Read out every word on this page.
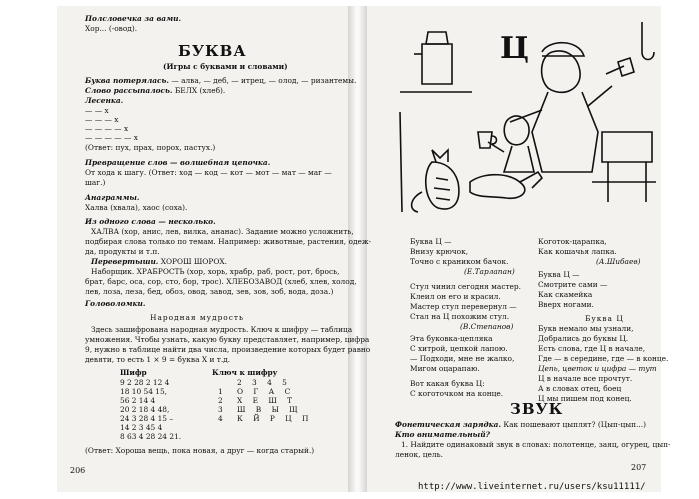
Полсловечка за вами.
Хор... (-овод).
БУКВА
(Игры с буквами и словами)
Буква потерялась. — алва, — деб, — итрец, — олод, — ризантемы.
Слово рассыпалось. БЕЛХ (хлеб).
Лесенка.
— — х
— — — х
— — — — х
— — — — — х
(Ответ: пух, прах, порох, пастух.)
Превращение слов — волшебная цепочка.
От хода к шагу. (Ответ: ход — код — кот — мот — мат — маг —
шаг.)
Анаграммы.
Халва (хвала), хаос (соха).
Из одного слова — несколько.
ХАЛВА (хор, анис, лев, вилка, ананас). Задание можно усложнить,
подбирая слова только по темам. Например: животные, растения, одеж-
да, продукты и т.п.
Перевертыши. ХОРОШ ШОРОХ.
Наборщик. ХРАБРОСТЬ (хор, хорь, храбр, раб, рост, рот, брось,
брат, барс, оса, сор, сто, бор, трос). ХЛЕБОЗАВОД (хлеб, хлев, холод,
лев, лоза, леза, бед, обоз, овод, завод, зев, зов, зоб, вода, доза.)
Головоломки.
Народная мудрость
Здесь зашифрована народная мудрость. Ключ к шифру — таблица
умножения. Чтобы узнать, какую букву представляет, например, цифра
9, нужно в таблице найти два числа, произведение которых будет равно
девяти, то есть 1 × 9 = буква Х и т.д.
Шифр	Ключ к шифру
9 2 28 2 12 4
18 10 54 15,
56 2 14 4
20 2 18 4 48,
24 3 28 4 15 –
14 2 3 45 4
8 63 4 28 24 21.
2 3 4 5
1 О Г А С
2 Х Е Ш Т
3 Ш В Ы Щ
4 К Й Р Ц П
(Ответ: Хороша вещь, пока новая, а друг — когда старый.)
206
Ц
Буква Ц —
Внизу крючок,
Точно с краником бачок.
(Е.Тарлапан)
Коготок-царапка,
Как кошачья лапка.
(А.Шибаев)
Стул чинил сегодня мастер.
Клеил он его и красил.
Мастер стул перевернул —
Стал на Ц похожим стул.
(В.Степанов)
Буква Ц —
Смотрите сами —
Как скамейка
Вверх ногами.
Буква Ц
Букв немало мы узнали,
Добрались до буквы Ц.
Есть слова, где Ц в начале,
Где — в середине, где — в конце.
Цепь, цветок и цифра — тут
Ц в начале все прочтут.
А в словах отец, боец
Ц мы пишем под конец.
Эта буковка-цепляка
С хитрой, цепкой лапою.
— Подходи, мне не жалко,
Мигом оцарапаю.
Вот какая буква Ц:
С коготочком на конце.
ЗВУК
Фонетическая зарядка. Как пошевают цыплят? (Цып-цып...)
Кто внимательный?
1. Найдите одинаковый звук в словах: полотенце, заяц, огурец, цып-
ленок, цель.
207
http://www.liveinternet.ru/users/ksu11111/
